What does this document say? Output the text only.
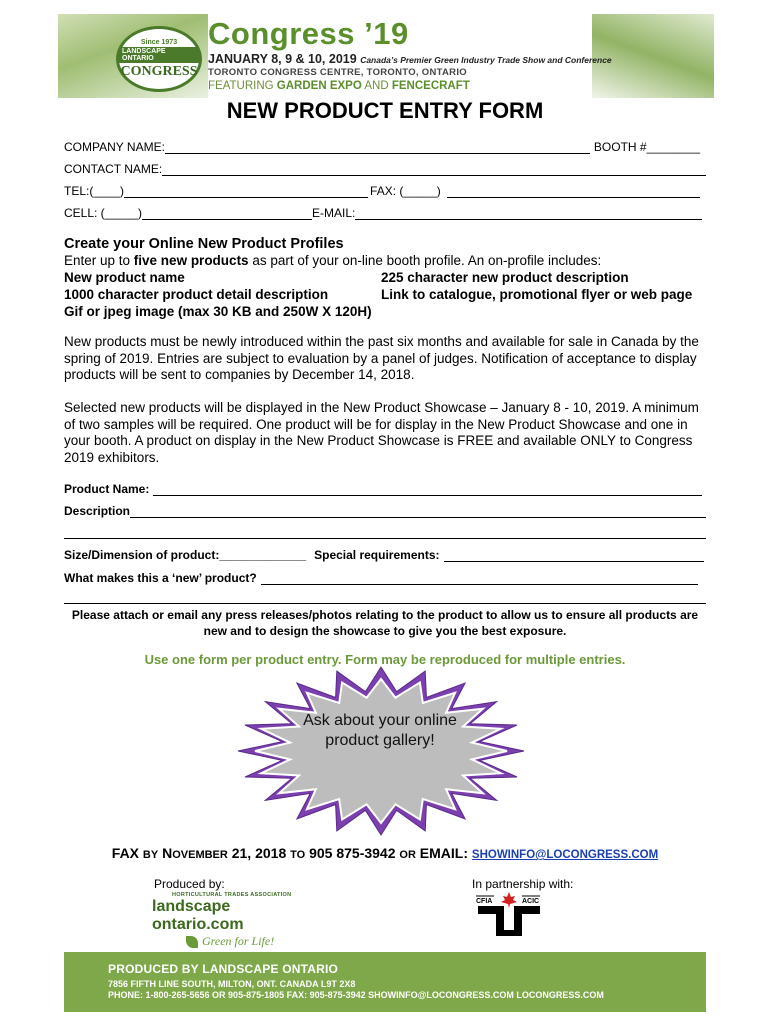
Since 1973
LANDSCAPE ONTARIO
CONGRESS
Congress ’19
JANUARY 8, 9 & 10, 2019 Canada’s Premier Green Industry Trade Show and Conference
TORONTO CONGRESS CENTRE, TORONTO, ONTARIO
FEATURING GARDEN EXPO AND FENCECRAFT
NEW PRODUCT ENTRY FORM
COMPANY NAME:	BOOTH #________
CONTACT NAME:
TEL:(____)	FAX: (_____)
CELL: (_____)	E-MAIL:
Create your Online New Product Profiles
Enter up to five new products as part of your on-line booth profile. An on-profile includes:
New product name	225 character new product description
1000 character product detail description	Link to catalogue, promotional flyer or web page
Gif or jpeg image (max 30 KB and 250W X 120H)
New products must be newly introduced within the past six months and available for sale in Canada by the spring of 2019. Entries are subject to evaluation by a panel of judges. Notification of acceptance to display products will be sent to companies by December 14, 2018.
Selected new products will be displayed in the New Product Showcase – January 8 - 10, 2019. A minimum of two samples will be required. One product will be for display in the New Product Showcase and one in your booth. A product on display in the New Product Showcase is FREE and available ONLY to Congress 2019 exhibitors.
Product Name:
Description
Size/Dimension of product: _____________ Special requirements:
What makes this a ‘new’ product?
Please attach or email any press releases/photos relating to the product to allow us to ensure all products are new and to design the showcase to give you the best exposure.
Use one form per product entry. Form may be reproduced for multiple entries.
Ask about your online product gallery!
FAX BY NOVEMBER 21, 2018 TO 905 875-3942 OR EMAIL: SHOWINFO@LOCONGRESS.COM
Produced by:	In partnership with:
HORTICULTURAL TRADES ASSOCIATION
landscape ontario.com
Green for Life!
CFIA	ACIC
PRODUCED BY LANDSCAPE ONTARIO
7856 FIFTH LINE SOUTH, MILTON, ONT. CANADA L9T 2X8
PHONE: 1-800-265-5656 OR 905-875-1805 FAX: 905-875-3942 SHOWINFO@LOCONGRESS.COM LOCONGRESS.COM
